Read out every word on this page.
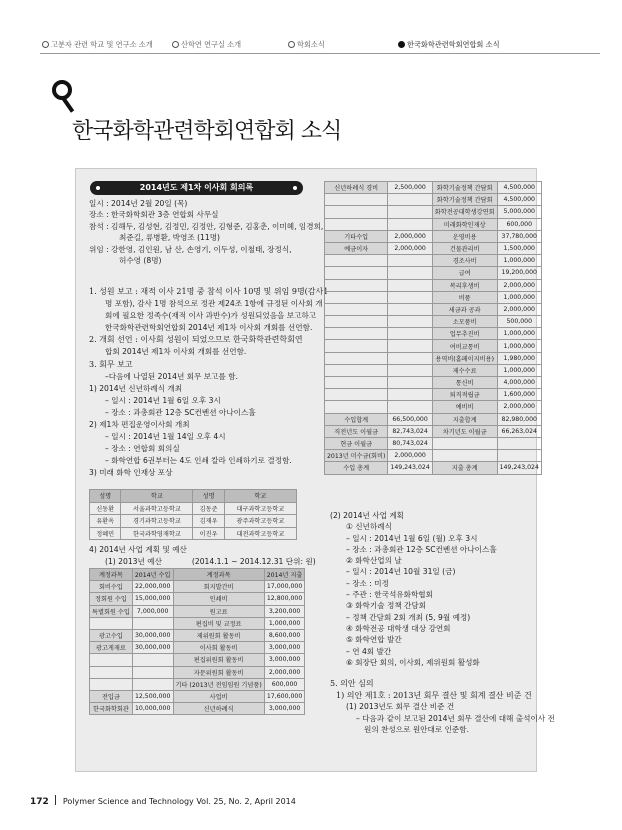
고분자 관련 학교 및 연구소 소개	산학연 연구실 소개	학회소식	한국화학관련학회연합회 소식
한국화학관련학회연합회 소식
2014년도 제1차 이사회 회의록

일시 : 2014년 2월 20일 (목)

장소 : 한국화학회관 3층 연합회 사무실

참석 : 김해두, 김성현, 김정민, 김정안, 김형준, 김홍춘, 이미혜, 임경희,

최준길, 류병환, 박영조 (11명)

위임 : 강한영, 김인원, 남 산, 손영기, 이두성, 이철태, 장정식,

허수영 (8명)

1. 성원 보고 : 재적 이사 21명 중 참석 이사 10명 및 위임 9명(감사1

명 포함), 감사 1명 참석으로 정관 제24조 1항에 규정된 이사회 개

회에 필요한 정족수(재적 이사 과반수)가 성원되었음을 보고하고

한국화학관련학회연합회 2014년 제1차 이사회 개회를 선언함.

2. 개회 선언 : 이사회 성원이 되었으므로 한국화학관련학회연

합회 2014년 제1차 이사회 개회를 선언함.

3. 회무 보고

–다음에 나열된 2014년 회무 보고를 함.

1) 2014년 신년하례식 개최

– 일시 : 2014년 1월 6일 오후 3시

– 장소 : 과총회관 12층 SC컨벤션 아나이스홀

2) 제1차 편집운영이사회 개최

– 일시 : 2014년 1월 14일 오후 4시

– 장소 : 연합회 회의실

– 화학연합 6권부터는 4도 인쇄 칼라 인쇄하기로 결정함.

3) 미래 화학 인재상 포상

성명	학교	성명	학교
신동환	서울과학고등학교	김동준	대구과학고등학교
유환옥	경기과학고등학교	김재우	광주과학고등학교
정혜민	한국과학영재학교	이진우	대전과학고등학교

4) 2014년 사업 계획 및 예산

(1) 2013년 예산	(2014.1.1 ~ 2014.12.31 단위: 원)

계정과목	2014년 수입	계정과목	2014년 지출
회비수입	22,000,000	회지발간비	17,000,000
정회원 수입	15,000,000	인쇄비	12,800,000
특별회원 수입	7,000,000	원고료	3,200,000
		편집비 및 교정료	1,000,000
광고수입	30,000,000	제위원회 활동비	8,600,000
광고게재료	30,000,000	이사회 활동비	3,000,000
		편집위원회 활동비	3,000,000
		자문위원회 활동비	2,000,000
		기타 (2013년 전임임원 기념품)	600,000
전입금	12,500,000	사업비	17,600,000
한국화학회관	10,000,000	신년하례식	3,000,000
신년하례식 경비	2,500,000	화학기술정책 간담회	4,500,000
		화학기술정책 간담회	4,500,000
		화학전공대학생강연회	5,000,000
		미래화학인재상	600,000
기타수입	2,000,000	운영비용	37,780,000
예금이자	2,000,000	건물관리비	1,500,000
		경조사비	1,000,000
		급여	19,200,000
		복리후생비	2,000,000
		비품	1,000,000
		세금과 공과	2,000,000
		소모품비	500,000
		업무추진비	1,000,000
		여비교통비	1,000,000
		용역비(홈페이지비용)	1,980,000
		제수수료	1,000,000
		통신비	4,000,000
		퇴직적립금	1,600,000
		예비비	2,000,000
수입합계	66,500,000	지출합계	82,980,000
직전년도 이월금	82,743,024	차기년도 이월금	66,263,024
현금 이월금	80,743,024		
2013년 미수금(회비)	2,000,000		
수입 총계	149,243,024	지출 총계	149,243,024

(2) 2014년 사업 계획

① 신년하례식

– 일시 : 2014년 1월 6일 (월) 오후 3시

– 장소 : 과총회관 12층 SC컨벤션 아나이스홀

② 화학산업의 날

– 일시 : 2014년 10월 31일 (금)

– 장소 : 미정

– 주관 : 한국석유화학협회

③ 화학기술 정책 간담회

– 정책 간담회 2회 개최 (5, 9월 예정)

④ 화학전공 대학생 대상 강연회

⑤ 화학연합 발간

– 연 4회 발간

⑥ 회장단 회의, 이사회, 제위원회 활성화

5. 의안 심의

1) 의안 제1호 : 2013년 회무 결산 및 회계 결산 비준 건

(1) 2013년도 회무 결산 비준 건

– 다음과 같이 보고된 2014년 회무 결산에 대해 출석이사 전

원의 찬성으로 원안대로 인준함.

172 Polymer Science and Technology Vol. 25, No. 2, April 2014
